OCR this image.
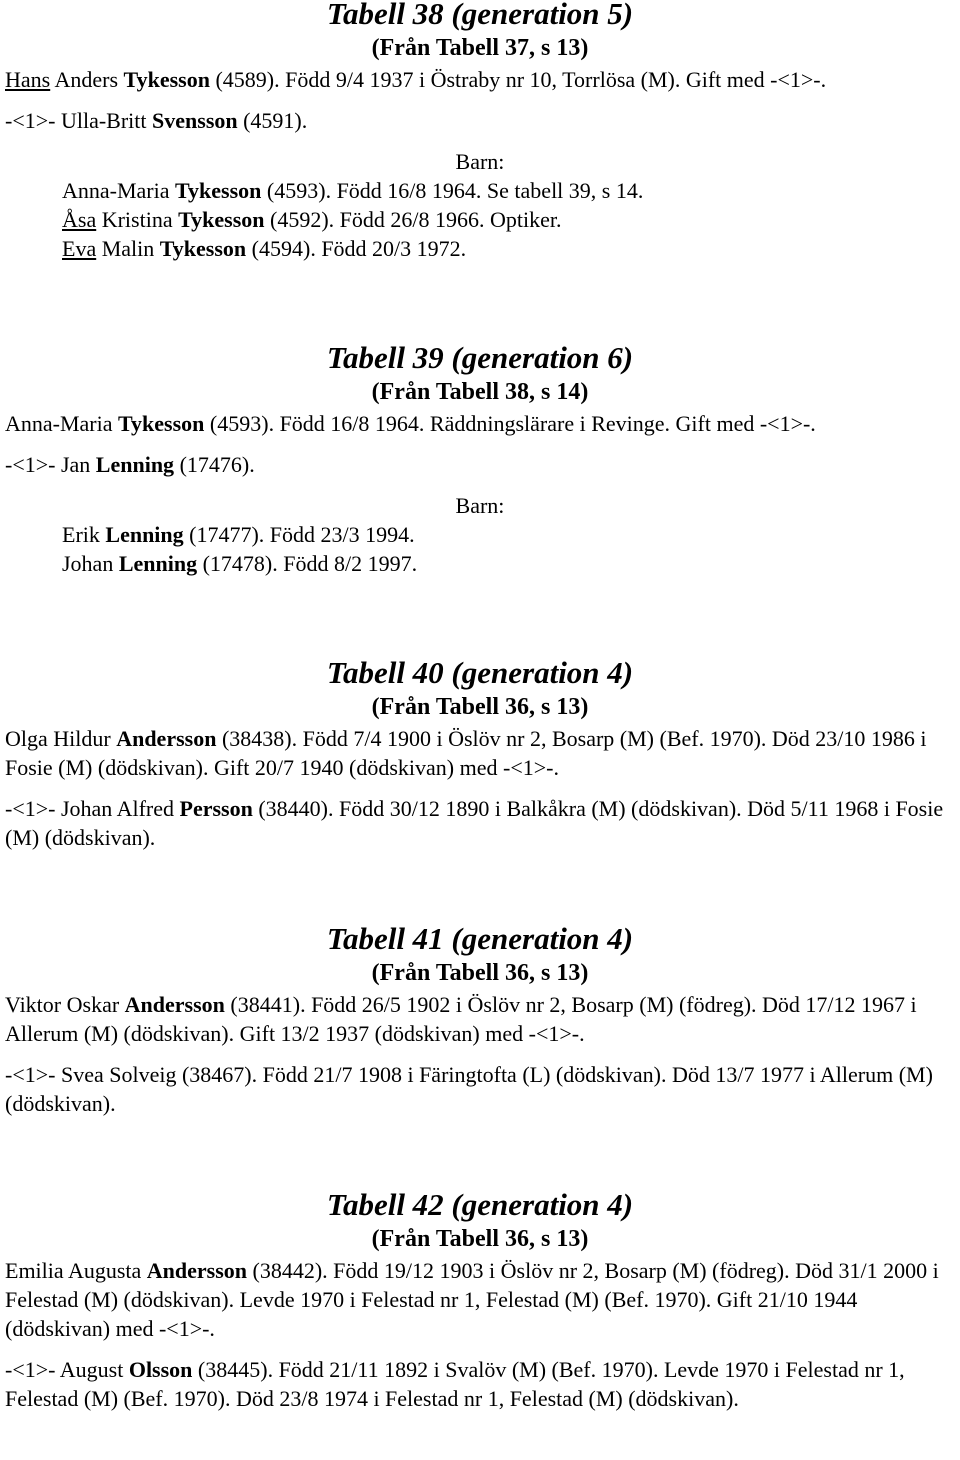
Tabell 38 (generation 5)
(Från Tabell 37, s 13)

Hans Anders Tykesson (4589). Född 9/4 1937 i Östraby nr 10, Torrlösa (M). Gift med -<1>-.

-<1>- Ulla-Britt Svensson (4591).

Barn:
Anna-Maria Tykesson (4593). Född 16/8 1964. Se tabell 39, s 14.
Åsa Kristina Tykesson (4592). Född 26/8 1966. Optiker.
Eva Malin Tykesson (4594). Född 20/3 1972.
Tabell 39 (generation 6)
(Från Tabell 38, s 14)

Anna-Maria Tykesson (4593). Född 16/8 1964. Räddningslärare i Revinge. Gift med -<1>-.

-<1>- Jan Lenning (17476).

Barn:
Erik Lenning (17477). Född 23/3 1994.
Johan Lenning (17478). Född 8/2 1997.
Tabell 40 (generation 4)
(Från Tabell 36, s 13)

Olga Hildur Andersson (38438). Född 7/4 1900 i Öslöv nr 2, Bosarp (M) (Bef. 1970). Död 23/10 1986 i Fosie (M) (dödskivan). Gift 20/7 1940 (dödskivan) med -<1>-.

-<1>- Johan Alfred Persson (38440). Född 30/12 1890 i Balkåkra (M) (dödskivan). Död 5/11 1968 i Fosie (M) (dödskivan).

Tabell 41 (generation 4)
(Från Tabell 36, s 13)

Viktor Oskar Andersson (38441). Född 26/5 1902 i Öslöv nr 2, Bosarp (M) (födreg). Död 17/12 1967 i Allerum (M) (dödskivan). Gift 13/2 1937 (dödskivan) med -<1>-.

-<1>- Svea Solveig (38467). Född 21/7 1908 i Färingtofta (L) (dödskivan). Död 13/7 1977 i Allerum (M) (dödskivan).

Tabell 42 (generation 4)
(Från Tabell 36, s 13)

Emilia Augusta Andersson (38442). Född 19/12 1903 i Öslöv nr 2, Bosarp (M) (födreg). Död 31/1 2000 i Felestad (M) (dödskivan). Levde 1970 i Felestad nr 1, Felestad (M) (Bef. 1970). Gift 21/10 1944 (dödskivan) med -<1>-.

-<1>- August Olsson (38445). Född 21/11 1892 i Svalöv (M) (Bef. 1970). Levde 1970 i Felestad nr 1, Felestad (M) (Bef. 1970). Död 23/8 1974 i Felestad nr 1, Felestad (M) (dödskivan).
